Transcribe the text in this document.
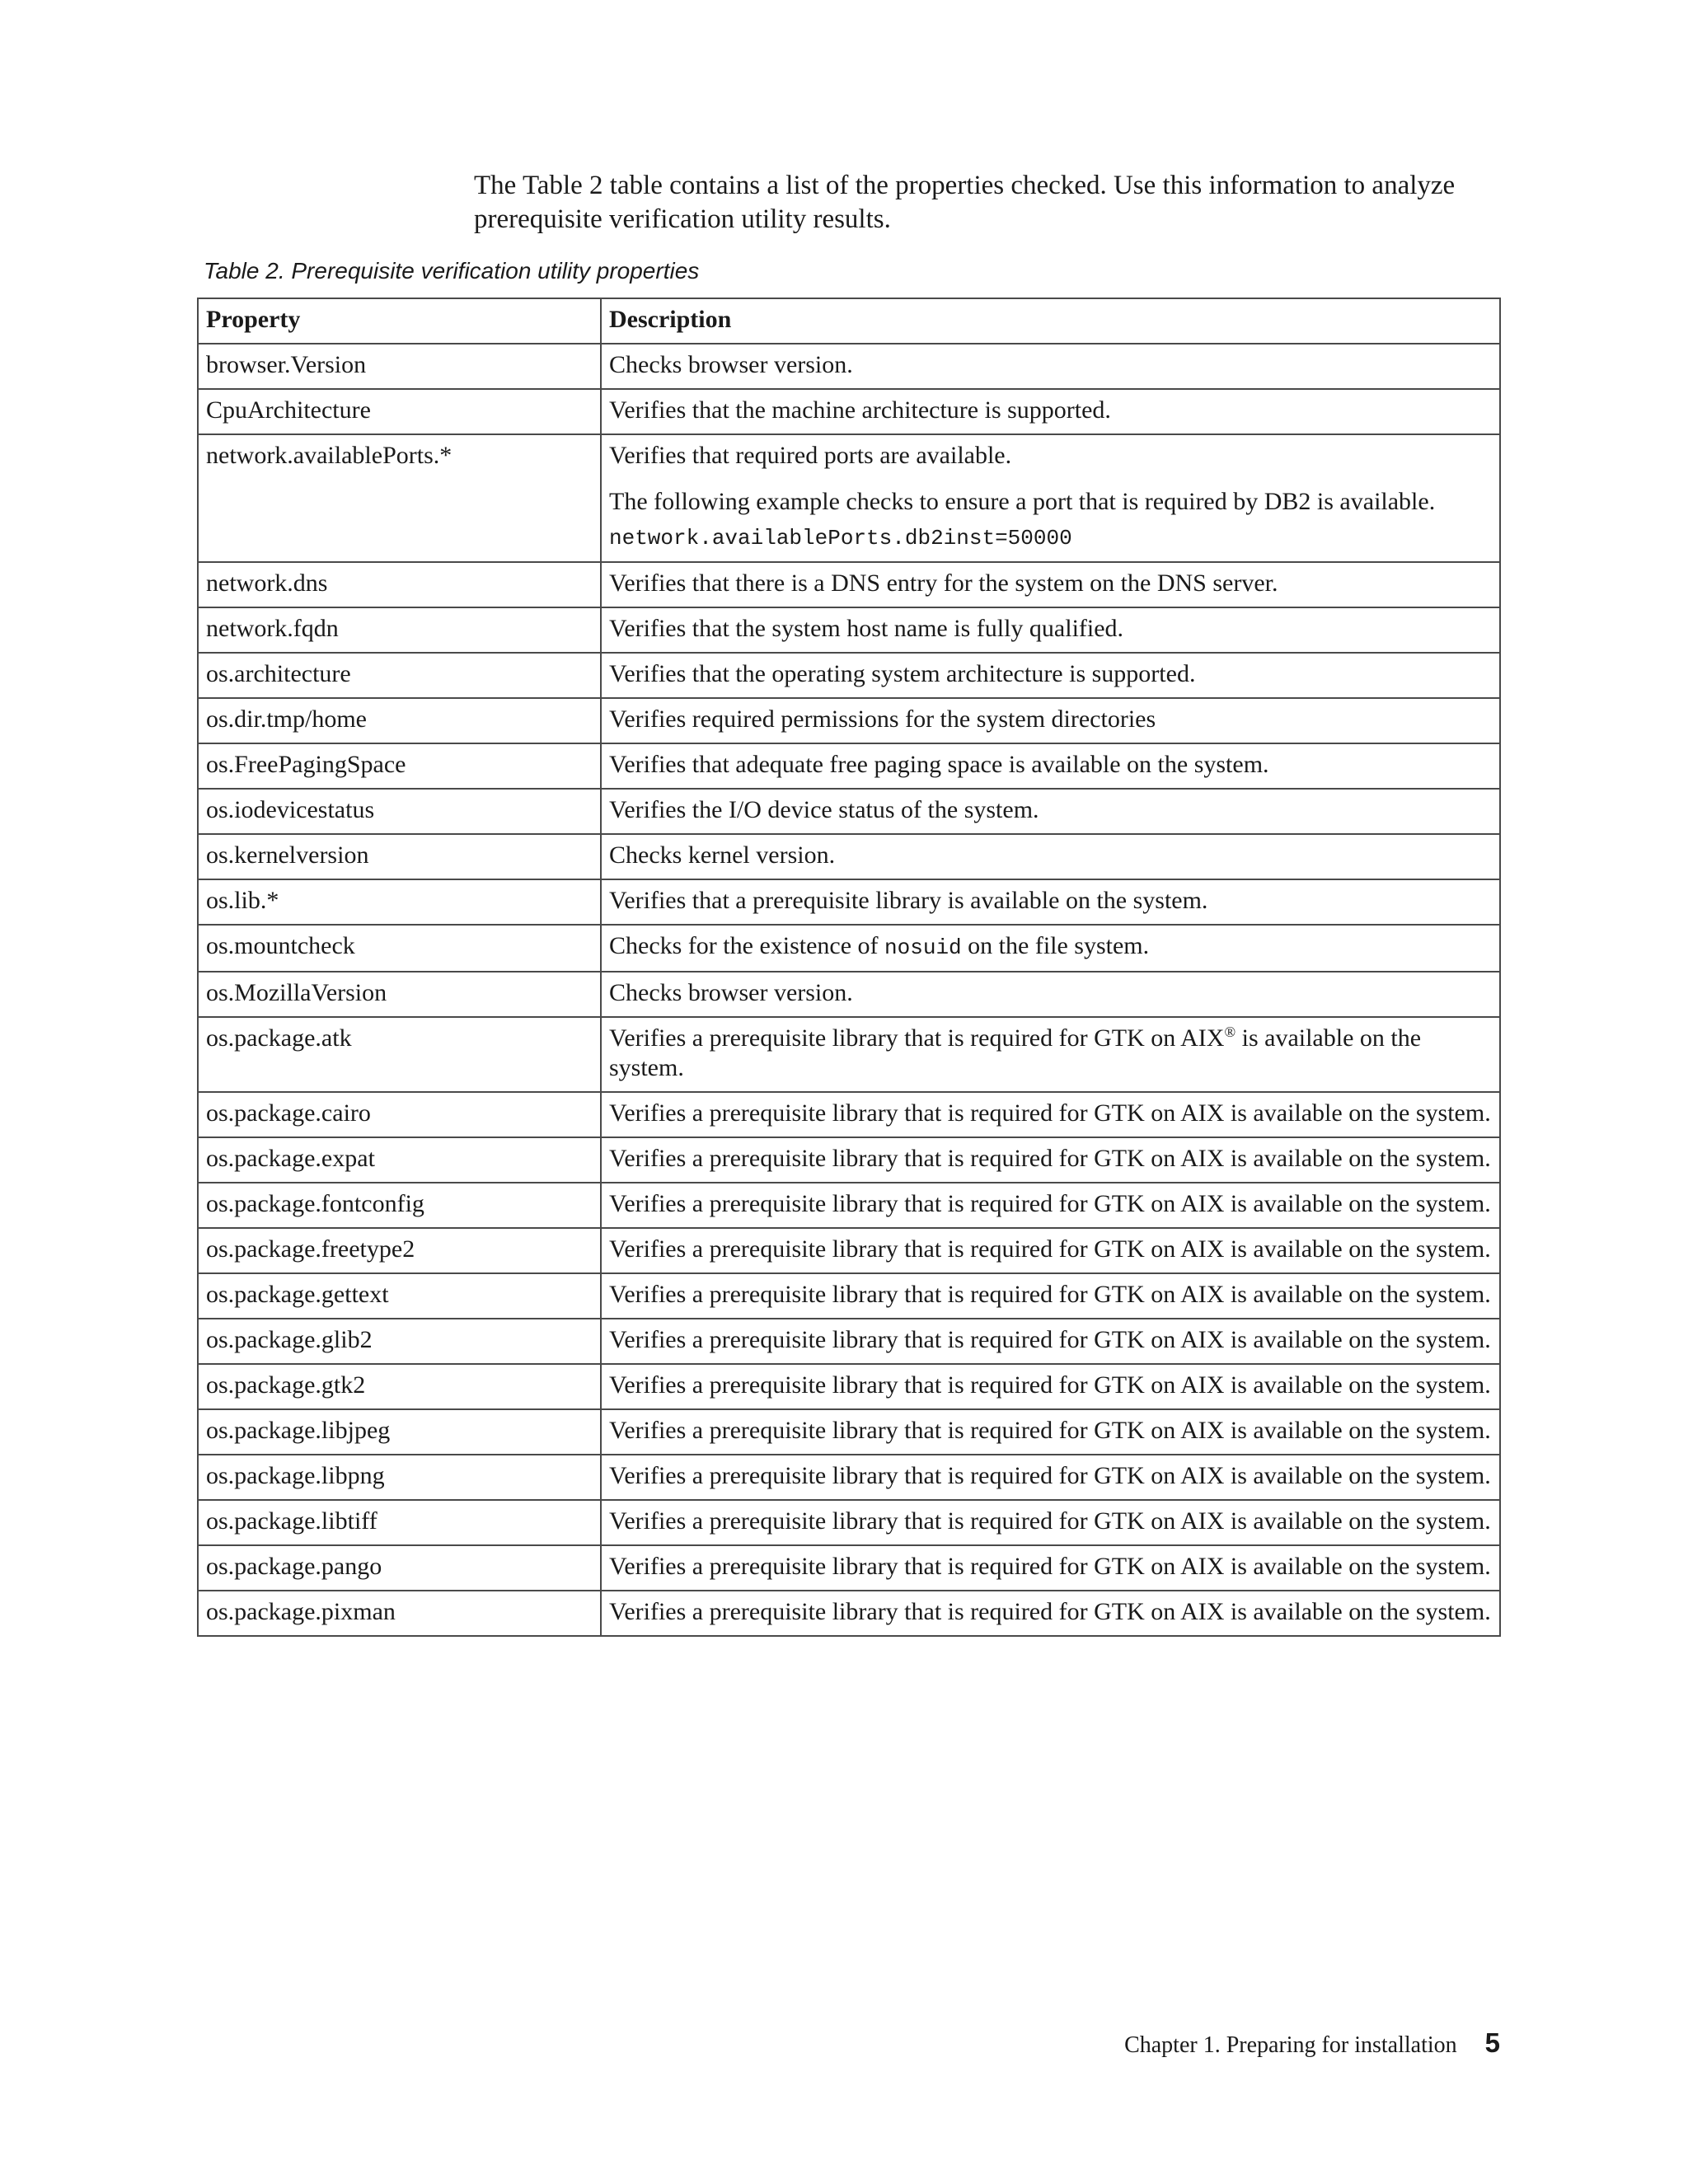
The Table 2 table contains a list of the properties checked. Use this information to analyze prerequisite verification utility results.

Table 2. Prerequisite verification utility properties

Property	Description
browser.Version	Checks browser version.

CpuArchitecture	Verifies that the machine architecture is supported.

network.availablePorts.*	Verifies that required ports are available.
The following example checks to ensure a port that is required by DB2 is available.
network.availablePorts.db2inst=50000

network.dns	Verifies that there is a DNS entry for the system on the DNS server.

network.fqdn	Verifies that the system host name is fully qualified.

os.architecture	Verifies that the operating system architecture is supported.

os.dir.tmp/home	Verifies required permissions for the system directories

os.FreePagingSpace	Verifies that adequate free paging space is available on the system.

os.iodevicestatus	Verifies the I/O device status of the system.

os.kernelversion	Checks kernel version.

os.lib.*	Verifies that a prerequisite library is available on the system.

os.mountcheck	Checks for the existence of nosuid on the file system.

os.MozillaVersion	Checks browser version.

os.package.atk	Verifies a prerequisite library that is required for GTK on AIX® is available on the system.

os.package.cairo	Verifies a prerequisite library that is required for GTK on AIX is available on the system.

os.package.expat	Verifies a prerequisite library that is required for GTK on AIX is available on the system.

os.package.fontconfig	Verifies a prerequisite library that is required for GTK on AIX is available on the system.

os.package.freetype2	Verifies a prerequisite library that is required for GTK on AIX is available on the system.

os.package.gettext	Verifies a prerequisite library that is required for GTK on AIX is available on the system.

os.package.glib2	Verifies a prerequisite library that is required for GTK on AIX is available on the system.

os.package.gtk2	Verifies a prerequisite library that is required for GTK on AIX is available on the system.

os.package.libjpeg	Verifies a prerequisite library that is required for GTK on AIX is available on the system.

os.package.libpng	Verifies a prerequisite library that is required for GTK on AIX is available on the system.

os.package.libtiff	Verifies a prerequisite library that is required for GTK on AIX is available on the system.

os.package.pango	Verifies a prerequisite library that is required for GTK on AIX is available on the system.

os.package.pixman	Verifies a prerequisite library that is required for GTK on AIX is available on the system.
Chapter 1. Preparing for installation 5
